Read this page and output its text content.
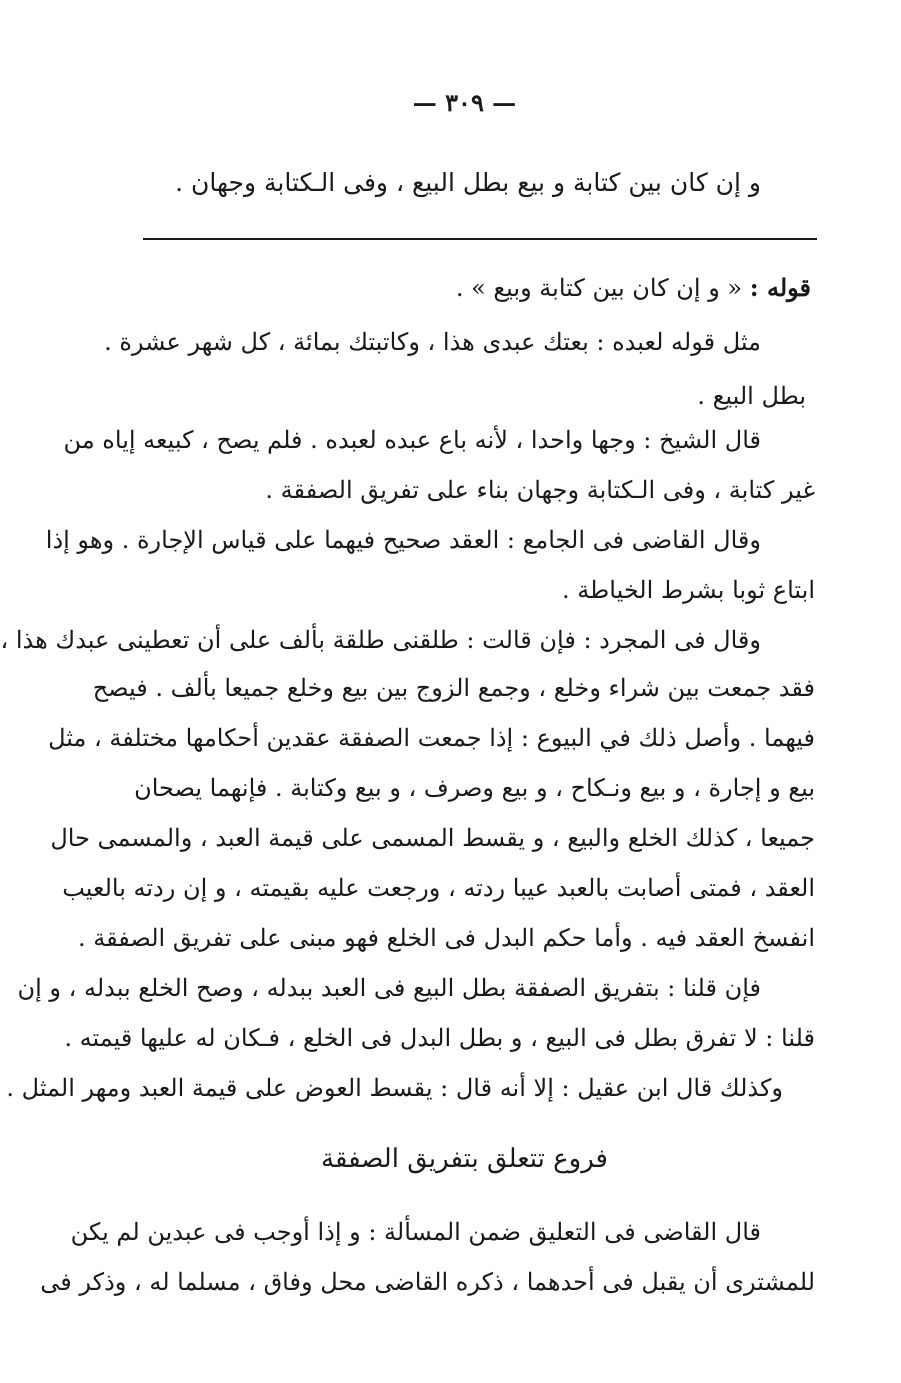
— ٣٠٩ —
و إن كان بين كتابة و بيع بطل البيع ، وفى الـكتابة وجهان .
قوله : « و إن كان بين كتابة وبيع » .
مثل قوله لعبده : بعتك عبدى هذا ، وكاتبتك بمائة ، كل شهر عشرة .
بطل البيع .
قال الشيخ : وجها واحدا ، لأنه باع عبده لعبده . فلم يصح ، كبيعه إياه من
غير كتابة ، وفى الـكتابة وجهان بناء على تفريق الصفقة .
وقال القاضى فى الجامع : العقد صحيح فيهما على قياس الإجارة . وهو إذا
ابتاع ثوبا بشرط الخياطة .
وقال فى المجرد : فإن قالت : طلقنى طلقة بألف على أن تعطينى عبدك هذا ،
فقد جمعت بين شراء وخلع ، وجمع الزوج بين بيع وخلع جميعا بألف . فيصح
فيهما . وأصل ذلك في البيوع : إذا جمعت الصفقة عقدين أحكامها مختلفة ، مثل
بيع و إجارة ، و بيع ونـكاح ، و بيع وصرف ، و بيع وكتابة . فإنهما يصحان
جميعا ، كذلك الخلع والبيع ، و يقسط المسمى على قيمة العبد ، والمسمى حال
العقد ، فمتى أصابت بالعبد عيبا ردته ، ورجعت عليه بقيمته ، و إن ردته بالعيب
انفسخ العقد فيه . وأما حكم البدل فى الخلع فهو مبنى على تفريق الصفقة .
فإن قلنا : بتفريق الصفقة بطل البيع فى العبد ببدله ، وصح الخلع ببدله ، و إن
قلنا : لا تفرق بطل فى البيع ، و بطل البدل فى الخلع ، فـكان له عليها قيمته .
وكذلك قال ابن عقيل : إلا أنه قال : يقسط العوض على قيمة العبد ومهر المثل .
فروع تتعلق بتفريق الصفقة
قال القاضى فى التعليق ضمن المسألة : و إذا أوجب فى عبدين لم يكن
للمشترى أن يقبل فى أحدهما ، ذكره القاضى محل وفاق ، مسلما له ، وذكر فى
